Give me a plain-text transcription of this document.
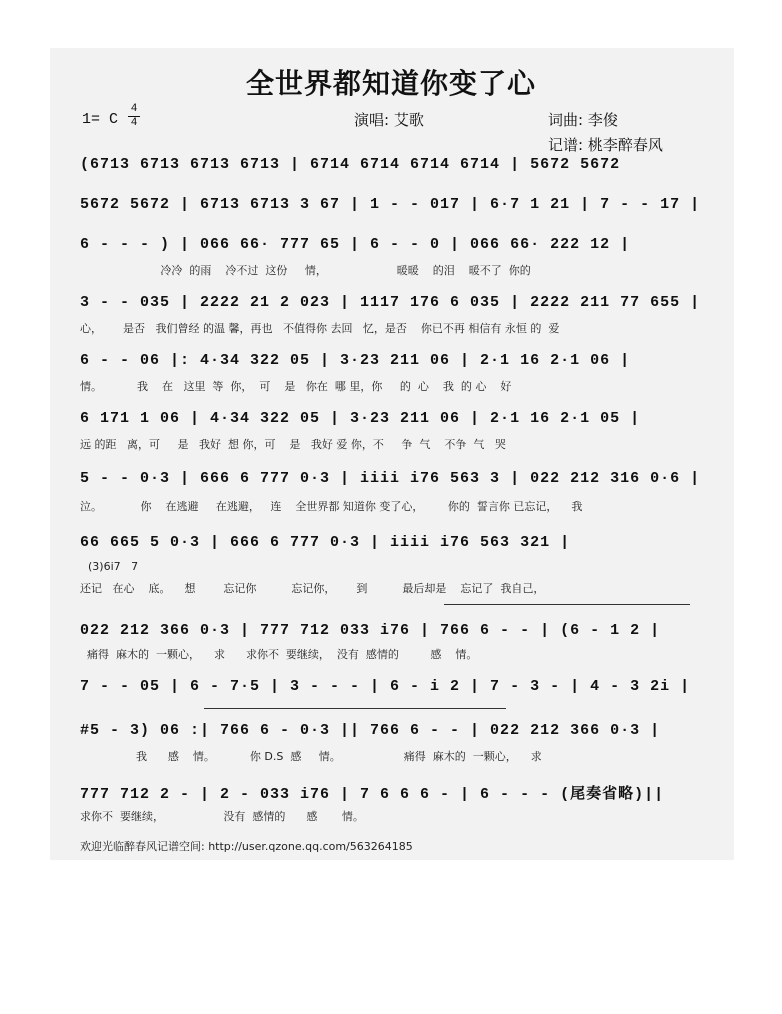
全世界都知道你变了心
1= C
4
4	演唱: 艾歌	词曲: 李俊
记谱: 桃李醉春风
(6713 6713 6713 6713 | 6714 6714 6714 6714 | 5672 5672
5672 5672 | 6713 6713 3 67 | 1 - - 017 | 6·7 1 21 | 7 - - 17 |
6 - - - ) | 066 66· 777 65 | 6 - - 0 | 066 66· 222 12 |
冷冷  的雨    冷不过  这份     情，                    暖暖    的泪    暖不了  你的
3 - - 035 | 2222 21 2 023 | 1117 176 6 035 | 2222 211 77 655 |
心，      是否   我们曾经 的温 馨，再也   不值得你 去回   忆，是否    你已不再 相信有 永恒 的  爱
6 - - 06 |: 4·34 322 05 | 3·23 211 06 | 2·1 16 2·1 06 |
情。          我    在   这里  等  你，  可    是   你在  哪 里，你     的  心    我  的 心    好
6 171 1 06 | 4·34 322 05 | 3·23 211 06 | 2·1 16 2·1 05 |
远 的距   离，可     是   我好  想 你，可    是   我好 爱 你，不     争  气    不争  气   哭
5 - - 0·3 | 666 6 777 0·3 | iiii i76 563 3 | 022 212 316 0·6 |
泣。           你    在逃避     在逃避，   连    全世界都 知道你 变了心，       你的  誓言你 已忘记，    我
66 665 5 0·3 | 666 6 777 0·3 | iiii i76 563 321 |
(3)6i7   7
还记   在心    底。    想        忘记你          忘记你，      到          最后却是    忘记了  我自己，
022 212 366 0·3 | 777 712 033 i76 | 766 6 - - | (6 - 1 2 |
痛得  麻木的  一颗心，    求      求你不  要继续，  没有  感情的         感    情。
7 - - 05 | 6 - 7·5 | 3 - - - | 6 - i 2 | 7 - 3 - | 4 - 3 2i |
#5 - 3) 06 :| 766 6 - 0·3 || 766 6 - - | 022 212 366 0·3 |
我      感    情。          你 D.S  感     情。                  痛得  麻木的  一颗心，    求
777 712 2 - | 2 - 033 i76 | 7 6 6 6 - | 6 - - - (尾奏省略)||
求你不  要继续，                 没有  感情的      感       情。
欢迎光临醉春风记谱空间: http://user.qzone.qq.com/563264185
